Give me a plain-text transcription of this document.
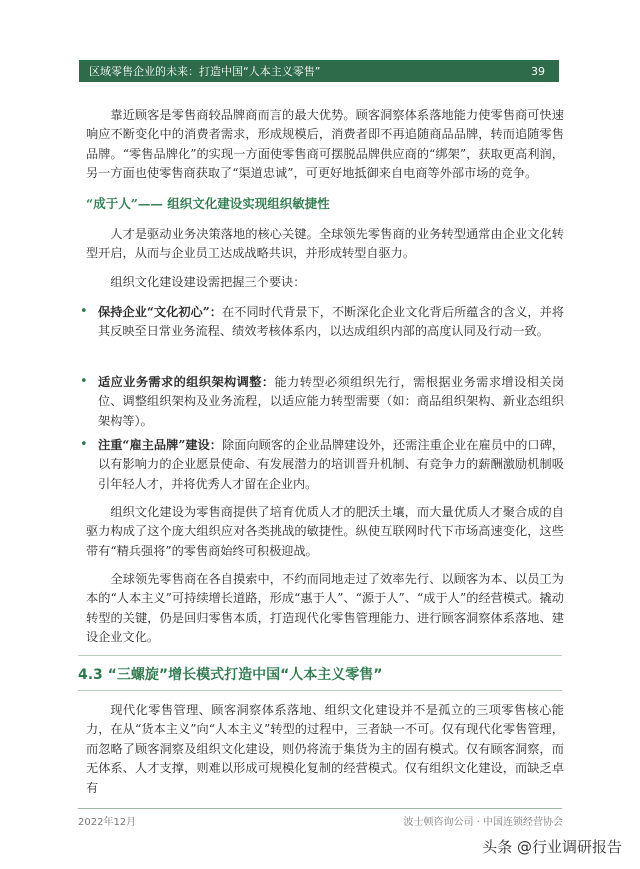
区域零售企业的未来：打造中国“人本主义零售”	39

靠近顾客是零售商较品牌商而言的最大优势。顾客洞察体系落地能力使零售商可快速响应不断变化中的消费者需求，形成规模后，消费者即不再追随商品品牌，转而追随零售品牌。“零售品牌化”的实现一方面使零售商可摆脱品牌供应商的“绑架”，获取更高利润，另一方面也使零售商获取了“渠道忠诚”，可更好地抵御来自电商等外部市场的竞争。

“成于人”—— 组织文化建设实现组织敏捷性

人才是驱动业务决策落地的核心关键。全球领先零售商的业务转型通常由企业文化转型开启，从而与企业员工达成战略共识，并形成转型自驱力。

组织文化建设建设需把握三个要诀：

• 保持企业“文化初心”：在不同时代背景下，不断深化企业文化背后所蕴含的含义，并将其反映至日常业务流程、绩效考核体系内，以达成组织内部的高度认同及行动一致。
• 适应业务需求的组织架构调整：能力转型必须组织先行，需根据业务需求增设相关岗位、调整组织架构及业务流程，以适应能力转型需要（如：商品组织架构、新业态组织架构等）。
• 注重“雇主品牌”建设：除面向顾客的企业品牌建设外，还需注重企业在雇员中的口碑，以有影响力的企业愿景使命、有发展潜力的培训晋升机制、有竞争力的薪酬激励机制吸引年轻人才，并将优秀人才留在企业内。

组织文化建设为零售商提供了培育优质人才的肥沃土壤，而大量优质人才聚合成的自驱力构成了这个庞大组织应对各类挑战的敏捷性。纵使互联网时代下市场高速变化，这些带有“精兵强将”的零售商始终可积极迎战。

全球领先零售商在各自摸索中，不约而同地走过了效率先行、以顾客为本、以员工为本的“人本主义”可持续增长道路，形成“惠于人”、“源于人”、“成于人”的经营模式。撬动转型的关键，仍是回归零售本质，打造现代化零售管理能力、进行顾客洞察体系落地、建设企业文化。

4.3 “三螺旋”增长模式打造中国“人本主义零售”

现代化零售管理、顾客洞察体系落地、组织文化建设并不是孤立的三项零售核心能力，在从“货本主义”向“人本主义”转型的过程中，三者缺一不可。仅有现代化零售管理，而忽略了顾客洞察及组织文化建设，则仍将流于集货为主的固有模式。仅有顾客洞察，而无体系、人才支撑，则难以形成可规模化复制的经营模式。仅有组织文化建设，而缺乏卓有

2022年12月	波士顿咨询公司 · 中国连锁经营协会
头条 @行业调研报告
